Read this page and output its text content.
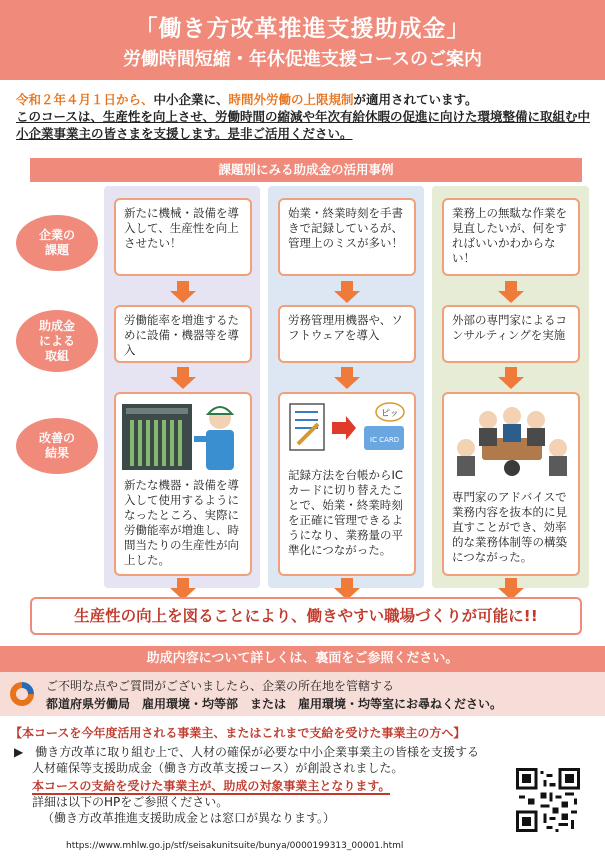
「働き方改革推進支援助成金」
労働時間短縮・年休促進支援コースのご案内
令和２年４月１日から、中小企業に、時間外労働の上限規制が適用されています。
このコースは、生産性を向上させ、労働時間の縮減や年次有給休暇の促進に向けた環境整備に取組む中小企業事業主の皆さまを支援します。是非ご活用ください。
課題別にみる助成金の活用事例
企業の
課題
助成金
による
取組
改善の
結果
新たに機械・設備を導入して、生産性を向上させたい！
労働能率を増進するために設備・機器等を導入
新たな機器・設備を導入して使用するようになったところ、実際に労働能率が増進し、時間当たりの生産性が向上した。
始業・終業時刻を手書きで記録しているが、管理上のミスが多い！
労務管理用機器や、ソフトウェアを導入
IC CARD
ピッ
記録方法を台帳からICカードに切り替えたことで、始業・終業時刻を正確に管理できるようになり、業務量の平準化につながった。
業務上の無駄な作業を見直したいが、何をすればいいかわからない！
外部の専門家によるコンサルティングを実施
専門家のアドバイスで業務内容を抜本的に見直すことができ、効率的な業務体制等の構築につながった。
生産性の向上を図ることにより、働きやすい職場づくりが可能に!!
助成内容について詳しくは、裏面をご参照ください。
ご不明な点やご質問がございましたら、企業の所在地を管轄する
都道府県労働局　雇用環境・均等部　または　雇用環境・均等室にお尋ねください。
【本コースを今年度活用される事業主、またはこれまで支給を受けた事業主の方へ】
▶　働き方改革に取り組む上で、人材の確保が必要な中小企業事業主の皆様を支援する
人材確保等支援助成金（働き方改革支援コース）が創設されました。
本コースの支給を受けた事業主が、助成の対象事業主となります。
詳細は以下のHPをご参照ください。
（働き方改革推進支援助成金とは窓口が異なります。）
https://www.mhlw.go.jp/stf/seisakunitsuite/bunya/0000199313_00001.html
